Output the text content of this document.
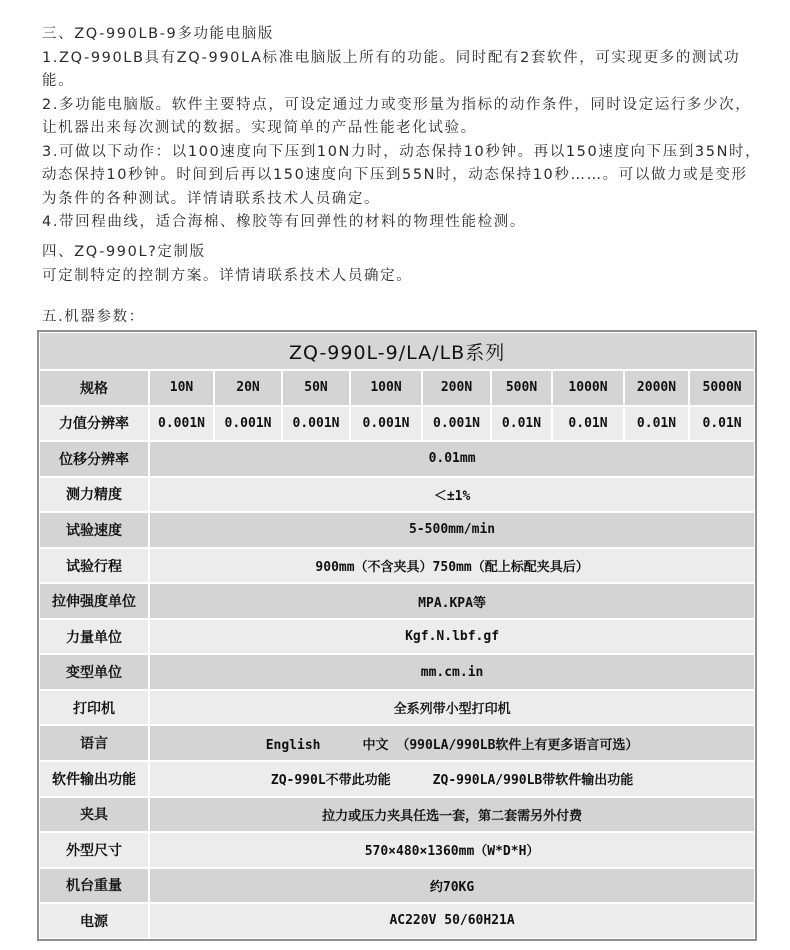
三、ZQ-990LB-9多功能电脑版

1.ZQ-990LB具有ZQ-990LA标准电脑版上所有的功能。同时配有2套软件，可实现更多的测试功能。

2.多功能电脑版。软件主要特点，可设定通过力或变形量为指标的动作条件，同时设定运行多少次，让机器出来每次测试的数据。实现简单的产品性能老化试验。

3.可做以下动作：以100速度向下压到10N力时，动态保持10秒钟。再以150速度向下压到35N时，动态保持10秒钟。时间到后再以150速度向下压到55N时，动态保持10秒……。可以做力或是变形为条件的各种测试。详情请联系技术人员确定。

4.带回程曲线，适合海棉、橡胶等有回弹性的材料的物理性能检测。

四、ZQ-990L?定制版

可定制特定的控制方案。详情请联系技术人员确定。

五.机器参数：

ZQ-990L-9/LA/LB系列									
规格	10N	20N	50N	100N	200N	500N	1000N	2000N	5000N
力值分辨率	0.001N	0.001N	0.001N	0.001N	0.001N	0.01N	0.01N	0.01N	0.01N
位移分辨率	0.01mm								
测力精度	＜±1%								
试验速度	5-500mm/min								
试验行程	900mm（不含夹具）750mm（配上标配夹具后）								
拉伸强度单位	MPA.KPA等								
力量单位	Kgf.N.lbf.gf								
变型单位	mm.cm.in								
打印机	全系列带小型打印机								
语言	English 中文 （990LA/990LB软件上有更多语言可选）								
软件输出功能	ZQ-990L不带此功能 ZQ-990LA/990LB带软件输出功能								
夹具	拉力或压力夹具任选一套，第二套需另外付费								
外型尺寸	570×480×1360mm（W*D*H）								
机台重量	约70KG								
电源	AC220V 50/60H21A								
